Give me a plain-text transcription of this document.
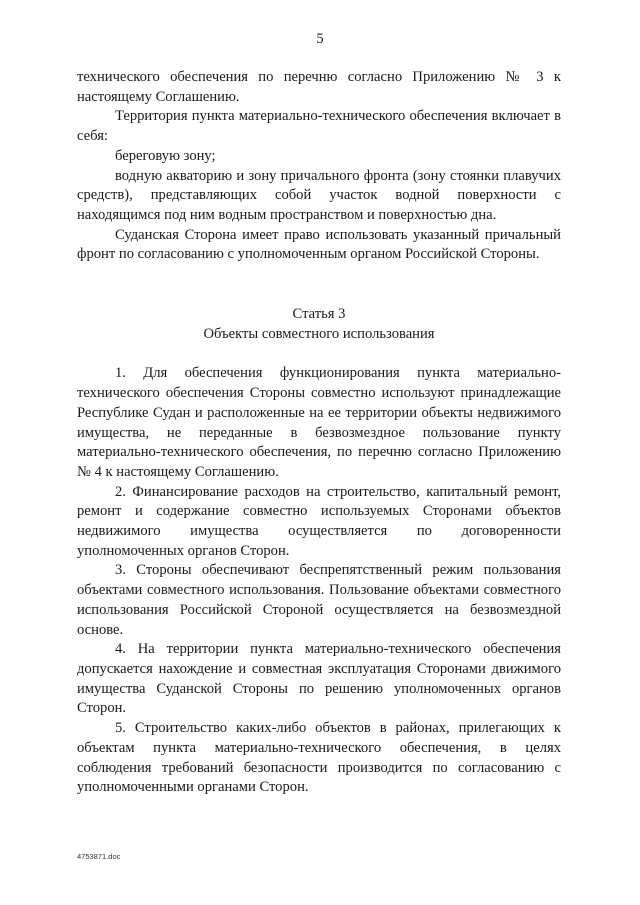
5

технического обеспечения по перечню согласно Приложению № 3 к настоящему Соглашению.

Территория пункта материально-технического обеспечения включает в себя:

береговую зону;

водную акваторию и зону причального фронта (зону стоянки плавучих средств), представляющих собой участок водной поверхности с находящимся под ним водным пространством и поверхностью дна.

Суданская Сторона имеет право использовать указанный причальный фронт по согласованию с уполномоченным органом Российской Стороны.

Статья 3

Объекты совместного использования

1. Для обеспечения функционирования пункта материально-технического обеспечения Стороны совместно используют принадлежащие Республике Судан и расположенные на ее территории объекты недвижимого имущества, не переданные в безвозмездное пользование пункту материально-технического обеспечения, по перечню согласно Приложению № 4 к настоящему Соглашению.

2. Финансирование расходов на строительство, капитальный ремонт, ремонт и содержание совместно используемых Сторонами объектов недвижимого имущества осуществляется по договоренности уполномоченных органов Сторон.

3. Стороны обеспечивают беспрепятственный режим пользования объектами совместного использования. Пользование объектами совместного использования Российской Стороной осуществляется на безвозмездной основе.

4. На территории пункта материально-технического обеспечения допускается нахождение и совместная эксплуатация Сторонами движимого имущества Суданской Стороны по решению уполномоченных органов Сторон.

5. Строительство каких-либо объектов в районах, прилегающих к объектам пункта материально-технического обеспечения, в целях соблюдения требований безопасности производится по согласованию с уполномоченными органами Сторон.

4753871.doc
